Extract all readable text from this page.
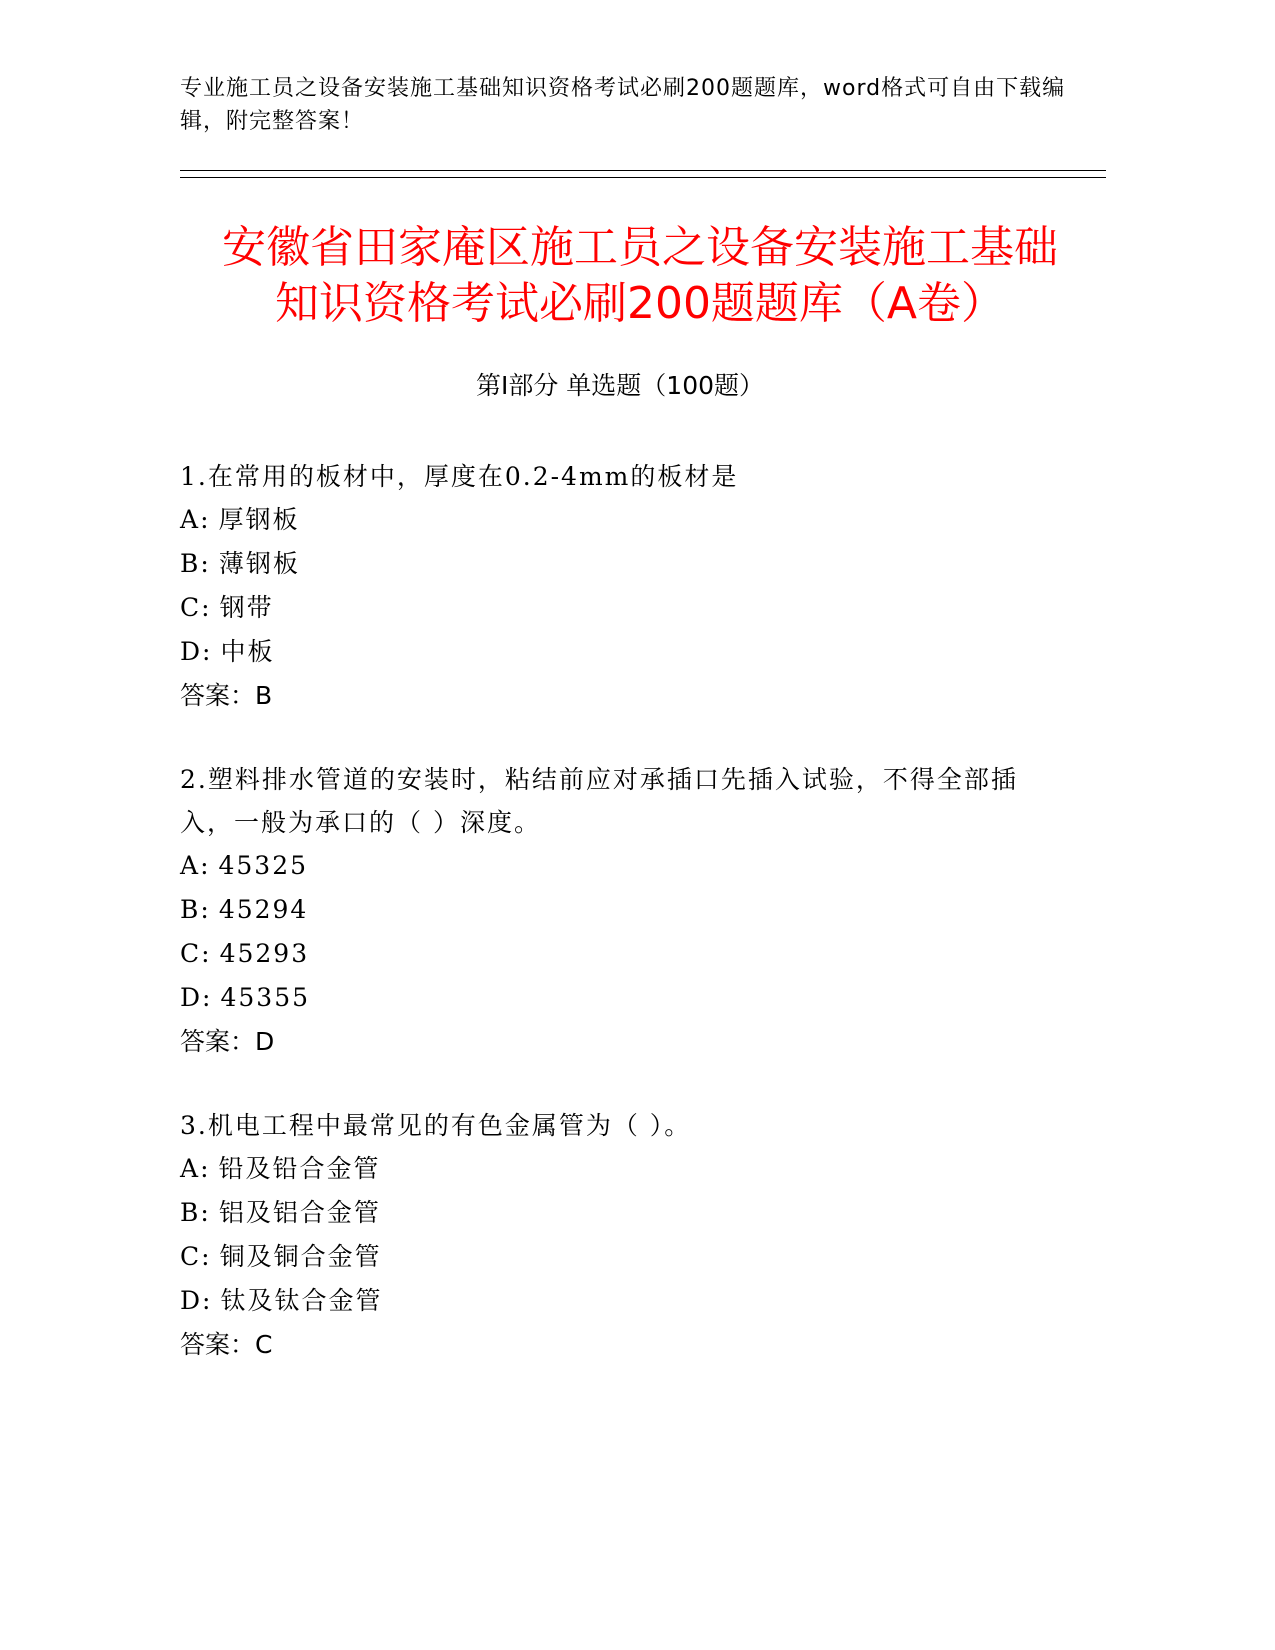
专业施工员之设备安装施工基础知识资格考试必刷200题题库，word格式可自由下载编辑，附完整答案！
安徽省田家庵区施工员之设备安装施工基础
知识资格考试必刷200题题库（A卷）
第Ⅰ部分 单选题（100题）

1.在常用的板材中，厚度在0.2-4mm的板材是

A: 厚钢板

B: 薄钢板

C: 钢带

D: 中板

答案：B

2.塑料排水管道的安装时，粘结前应对承插口先插入试验，不得全部插入，一般为承口的（ ）深度。

A: 45325

B: 45294

C: 45293

D: 45355

答案：D

3.机电工程中最常见的有色金属管为（ ）。

A: 铅及铅合金管

B: 铝及铝合金管

C: 铜及铜合金管

D: 钛及钛合金管

答案：C
